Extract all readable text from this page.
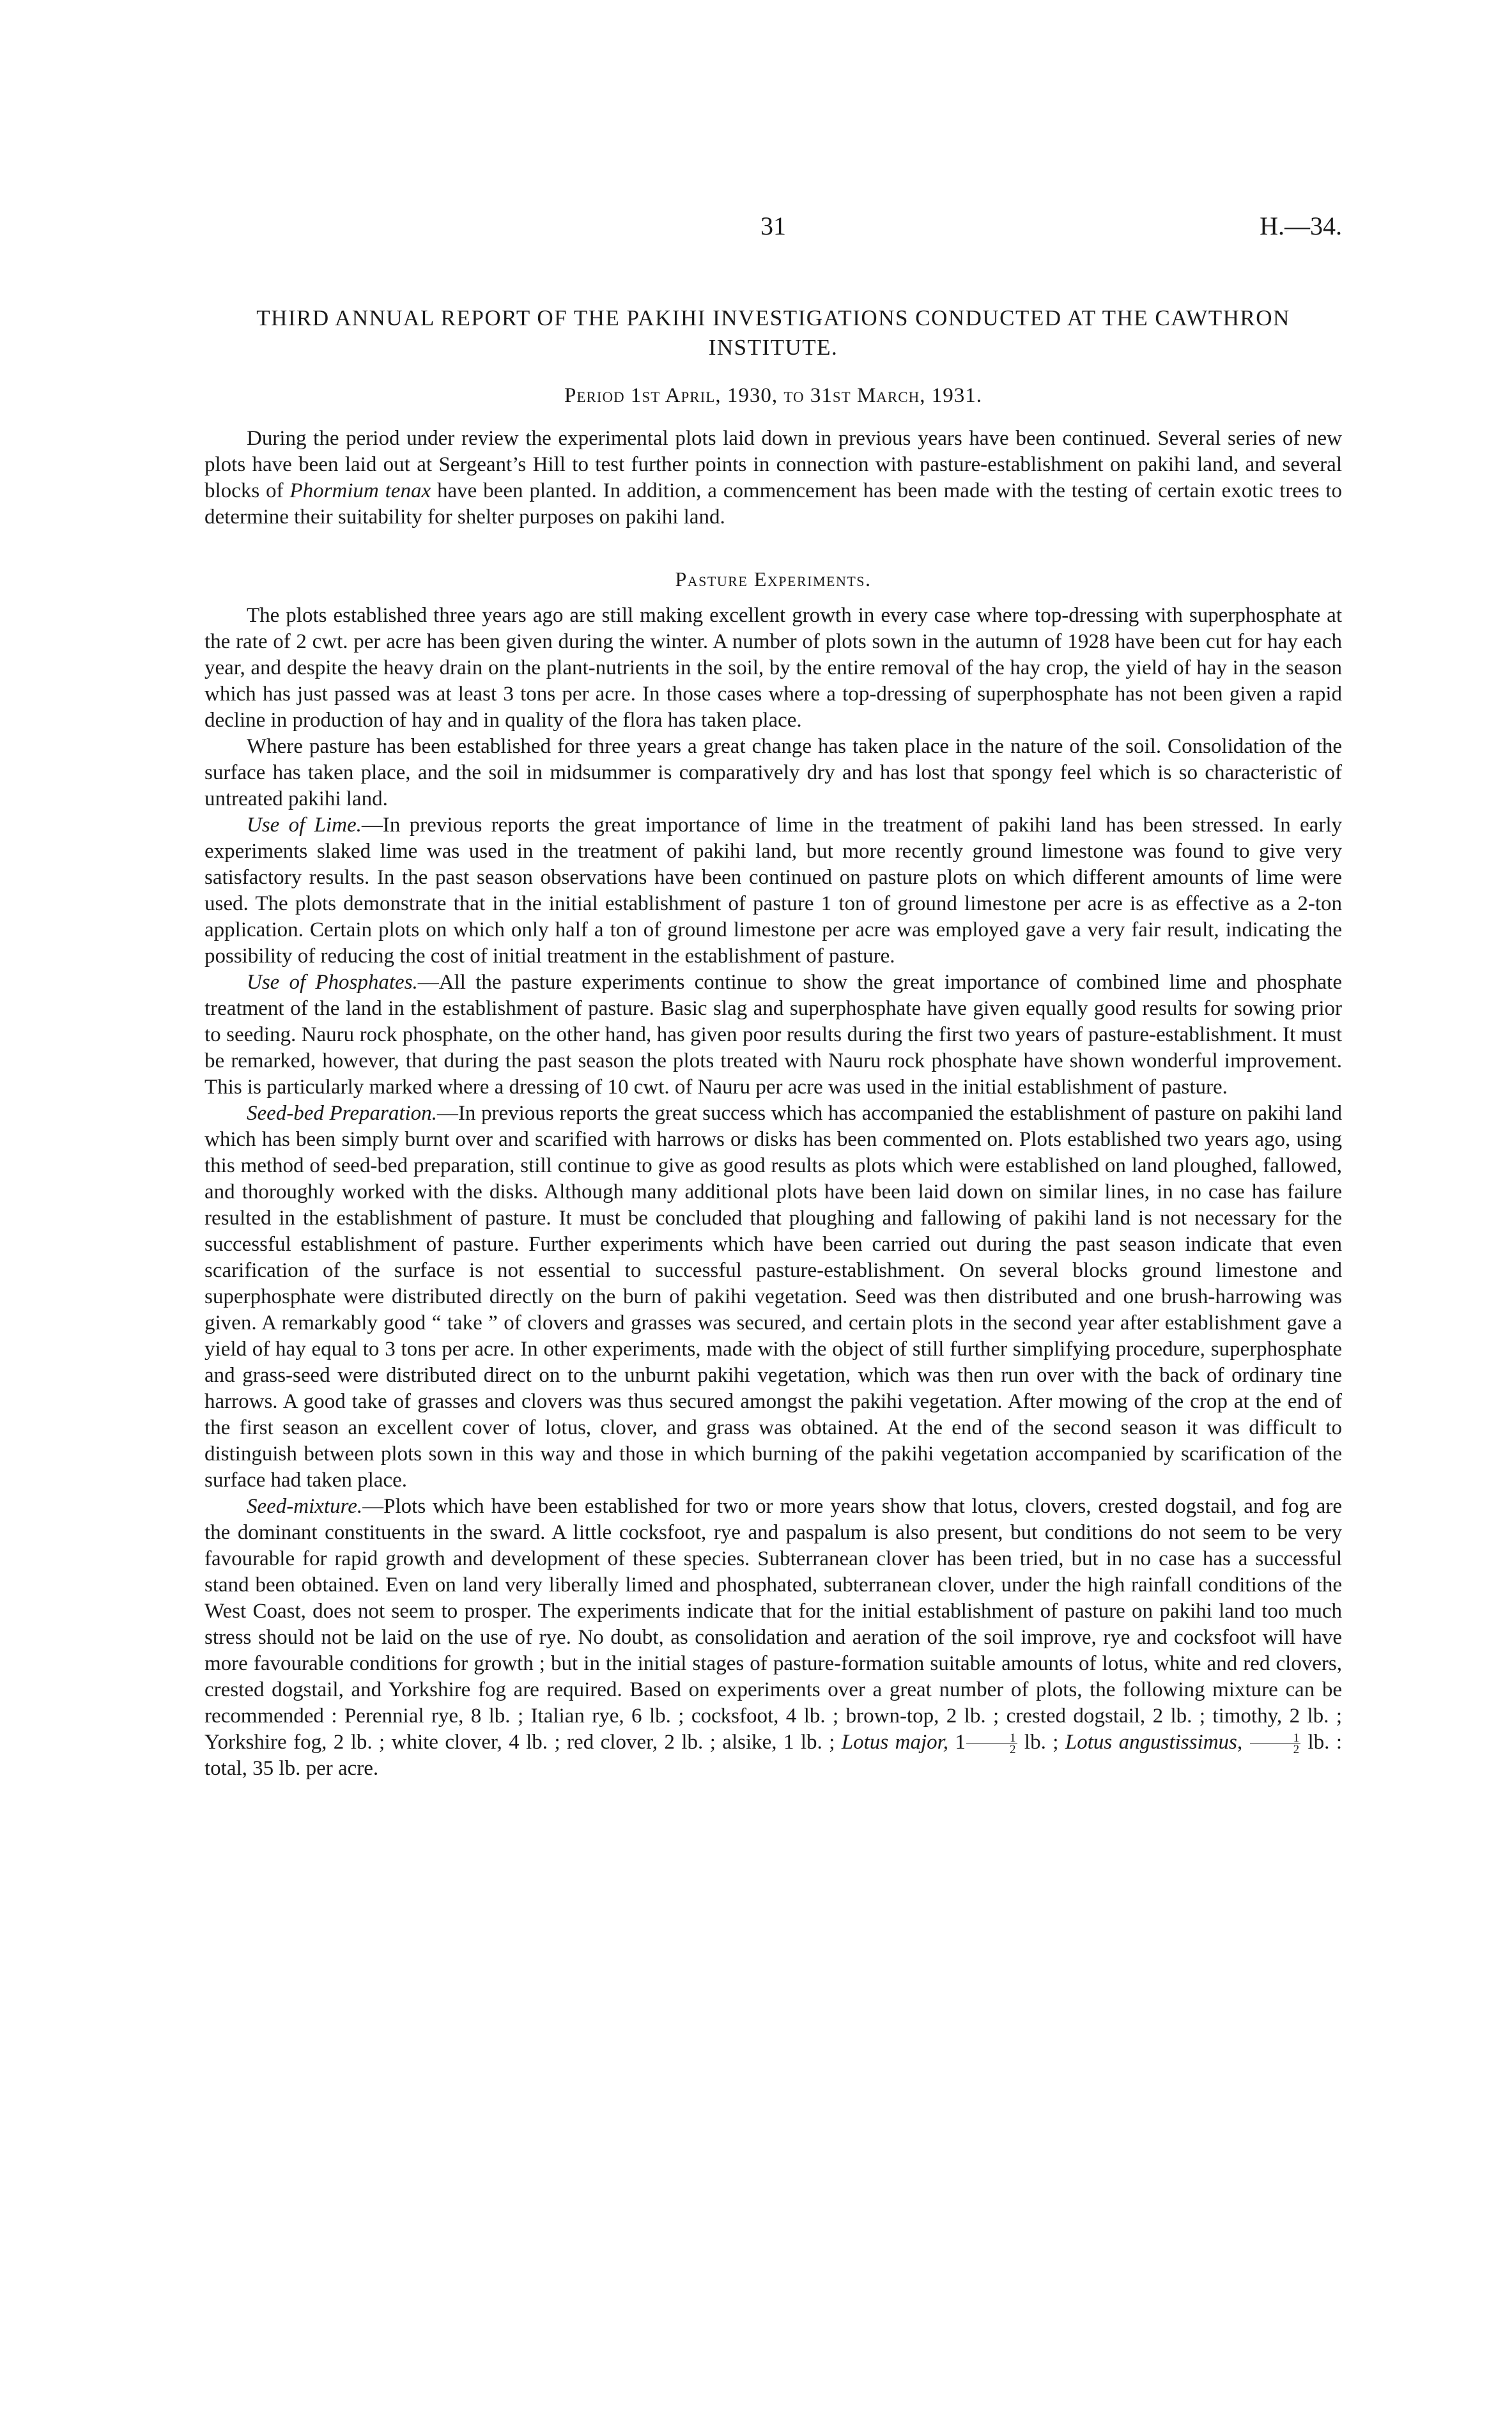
31	H.—34.
THIRD ANNUAL REPORT OF THE PAKIHI INVESTIGATIONS CONDUCTED AT THE CAWTHRON INSTITUTE.
Period 1st April, 1930, to 31st March, 1931.

During the period under review the experimental plots laid down in previous years have been continued. Several series of new plots have been laid out at Sergeant’s Hill to test further points in connection with pasture-establishment on pakihi land, and several blocks of Phormium tenax have been planted. In addition, a commencement has been made with the testing of certain exotic trees to determine their suitability for shelter purposes on pakihi land.

Pasture Experiments.

The plots established three years ago are still making excellent growth in every case where top-dressing with superphosphate at the rate of 2 cwt. per acre has been given during the winter. A number of plots sown in the autumn of 1928 have been cut for hay each year, and despite the heavy drain on the plant-nutrients in the soil, by the entire removal of the hay crop, the yield of hay in the season which has just passed was at least 3 tons per acre. In those cases where a top-dressing of superphosphate has not been given a rapid decline in production of hay and in quality of the flora has taken place.

Where pasture has been established for three years a great change has taken place in the nature of the soil. Consolidation of the surface has taken place, and the soil in midsummer is comparatively dry and has lost that spongy feel which is so characteristic of untreated pakihi land.

Use of Lime.—In previous reports the great importance of lime in the treatment of pakihi land has been stressed. In early experiments slaked lime was used in the treatment of pakihi land, but more recently ground limestone was found to give very satisfactory results. In the past season observations have been continued on pasture plots on which different amounts of lime were used. The plots demonstrate that in the initial establishment of pasture 1 ton of ground limestone per acre is as effective as a 2-ton application. Certain plots on which only half a ton of ground limestone per acre was employed gave a very fair result, indicating the possibility of reducing the cost of initial treatment in the establishment of pasture.

Use of Phosphates.—All the pasture experiments continue to show the great importance of combined lime and phosphate treatment of the land in the establishment of pasture. Basic slag and superphosphate have given equally good results for sowing prior to seeding. Nauru rock phosphate, on the other hand, has given poor results during the first two years of pasture-establishment. It must be remarked, however, that during the past season the plots treated with Nauru rock phosphate have shown wonderful improvement. This is particularly marked where a dressing of 10 cwt. of Nauru per acre was used in the initial establishment of pasture.

Seed-bed Preparation.—In previous reports the great success which has accompanied the establishment of pasture on pakihi land which has been simply burnt over and scarified with harrows or disks has been commented on. Plots established two years ago, using this method of seed-bed preparation, still continue to give as good results as plots which were established on land ploughed, fallowed, and thoroughly worked with the disks. Although many additional plots have been laid down on similar lines, in no case has failure resulted in the establishment of pasture. It must be concluded that ploughing and fallowing of pakihi land is not necessary for the successful establishment of pasture. Further experiments which have been carried out during the past season indicate that even scarification of the surface is not essential to successful pasture-establishment. On several blocks ground limestone and superphosphate were distributed directly on the burn of pakihi vegetation. Seed was then distributed and one brush-harrowing was given. A remarkably good “ take ” of clovers and grasses was secured, and certain plots in the second year after establishment gave a yield of hay equal to 3 tons per acre. In other experiments, made with the object of still further simplifying procedure, superphosphate and grass-seed were distributed direct on to the unburnt pakihi vegetation, which was then run over with the back of ordinary tine harrows. A good take of grasses and clovers was thus secured amongst the pakihi vegetation. After mowing of the crop at the end of the first season an excellent cover of lotus, clover, and grass was obtained. At the end of the second season it was difficult to distinguish between plots sown in this way and those in which burning of the pakihi vegetation accompanied by scarification of the surface had taken place.

Seed-mixture.—Plots which have been established for two or more years show that lotus, clovers, crested dogstail, and fog are the dominant constituents in the sward. A little cocksfoot, rye and paspalum is also present, but conditions do not seem to be very favourable for rapid growth and development of these species. Subterranean clover has been tried, but in no case has a successful stand been obtained. Even on land very liberally limed and phosphated, subterranean clover, under the high rainfall conditions of the West Coast, does not seem to prosper. The experiments indicate that for the initial establishment of pasture on pakihi land too much stress should not be laid on the use of rye. No doubt, as consolidation and aeration of the soil improve, rye and cocksfoot will have more favourable conditions for growth ; but in the initial stages of pasture-formation suitable amounts of lotus, white and red clovers, crested dogstail, and Yorkshire fog are required. Based on experiments over a great number of plots, the following mixture can be recommended : Perennial rye, 8 lb. ; Italian rye, 6 lb. ; cocksfoot, 4 lb. ; brown-top, 2 lb. ; crested dogstail, 2 lb. ; timothy, 2 lb. ; Yorkshire fog, 2 lb. ; white clover, 4 lb. ; red clover, 2 lb. ; alsike, 1 lb. ; Lotus major, $1 \frac{1}{2}$ lb. ; Lotus angustissimus, $\frac{1}{2}$ lb. : total, 35 lb. per acre.
